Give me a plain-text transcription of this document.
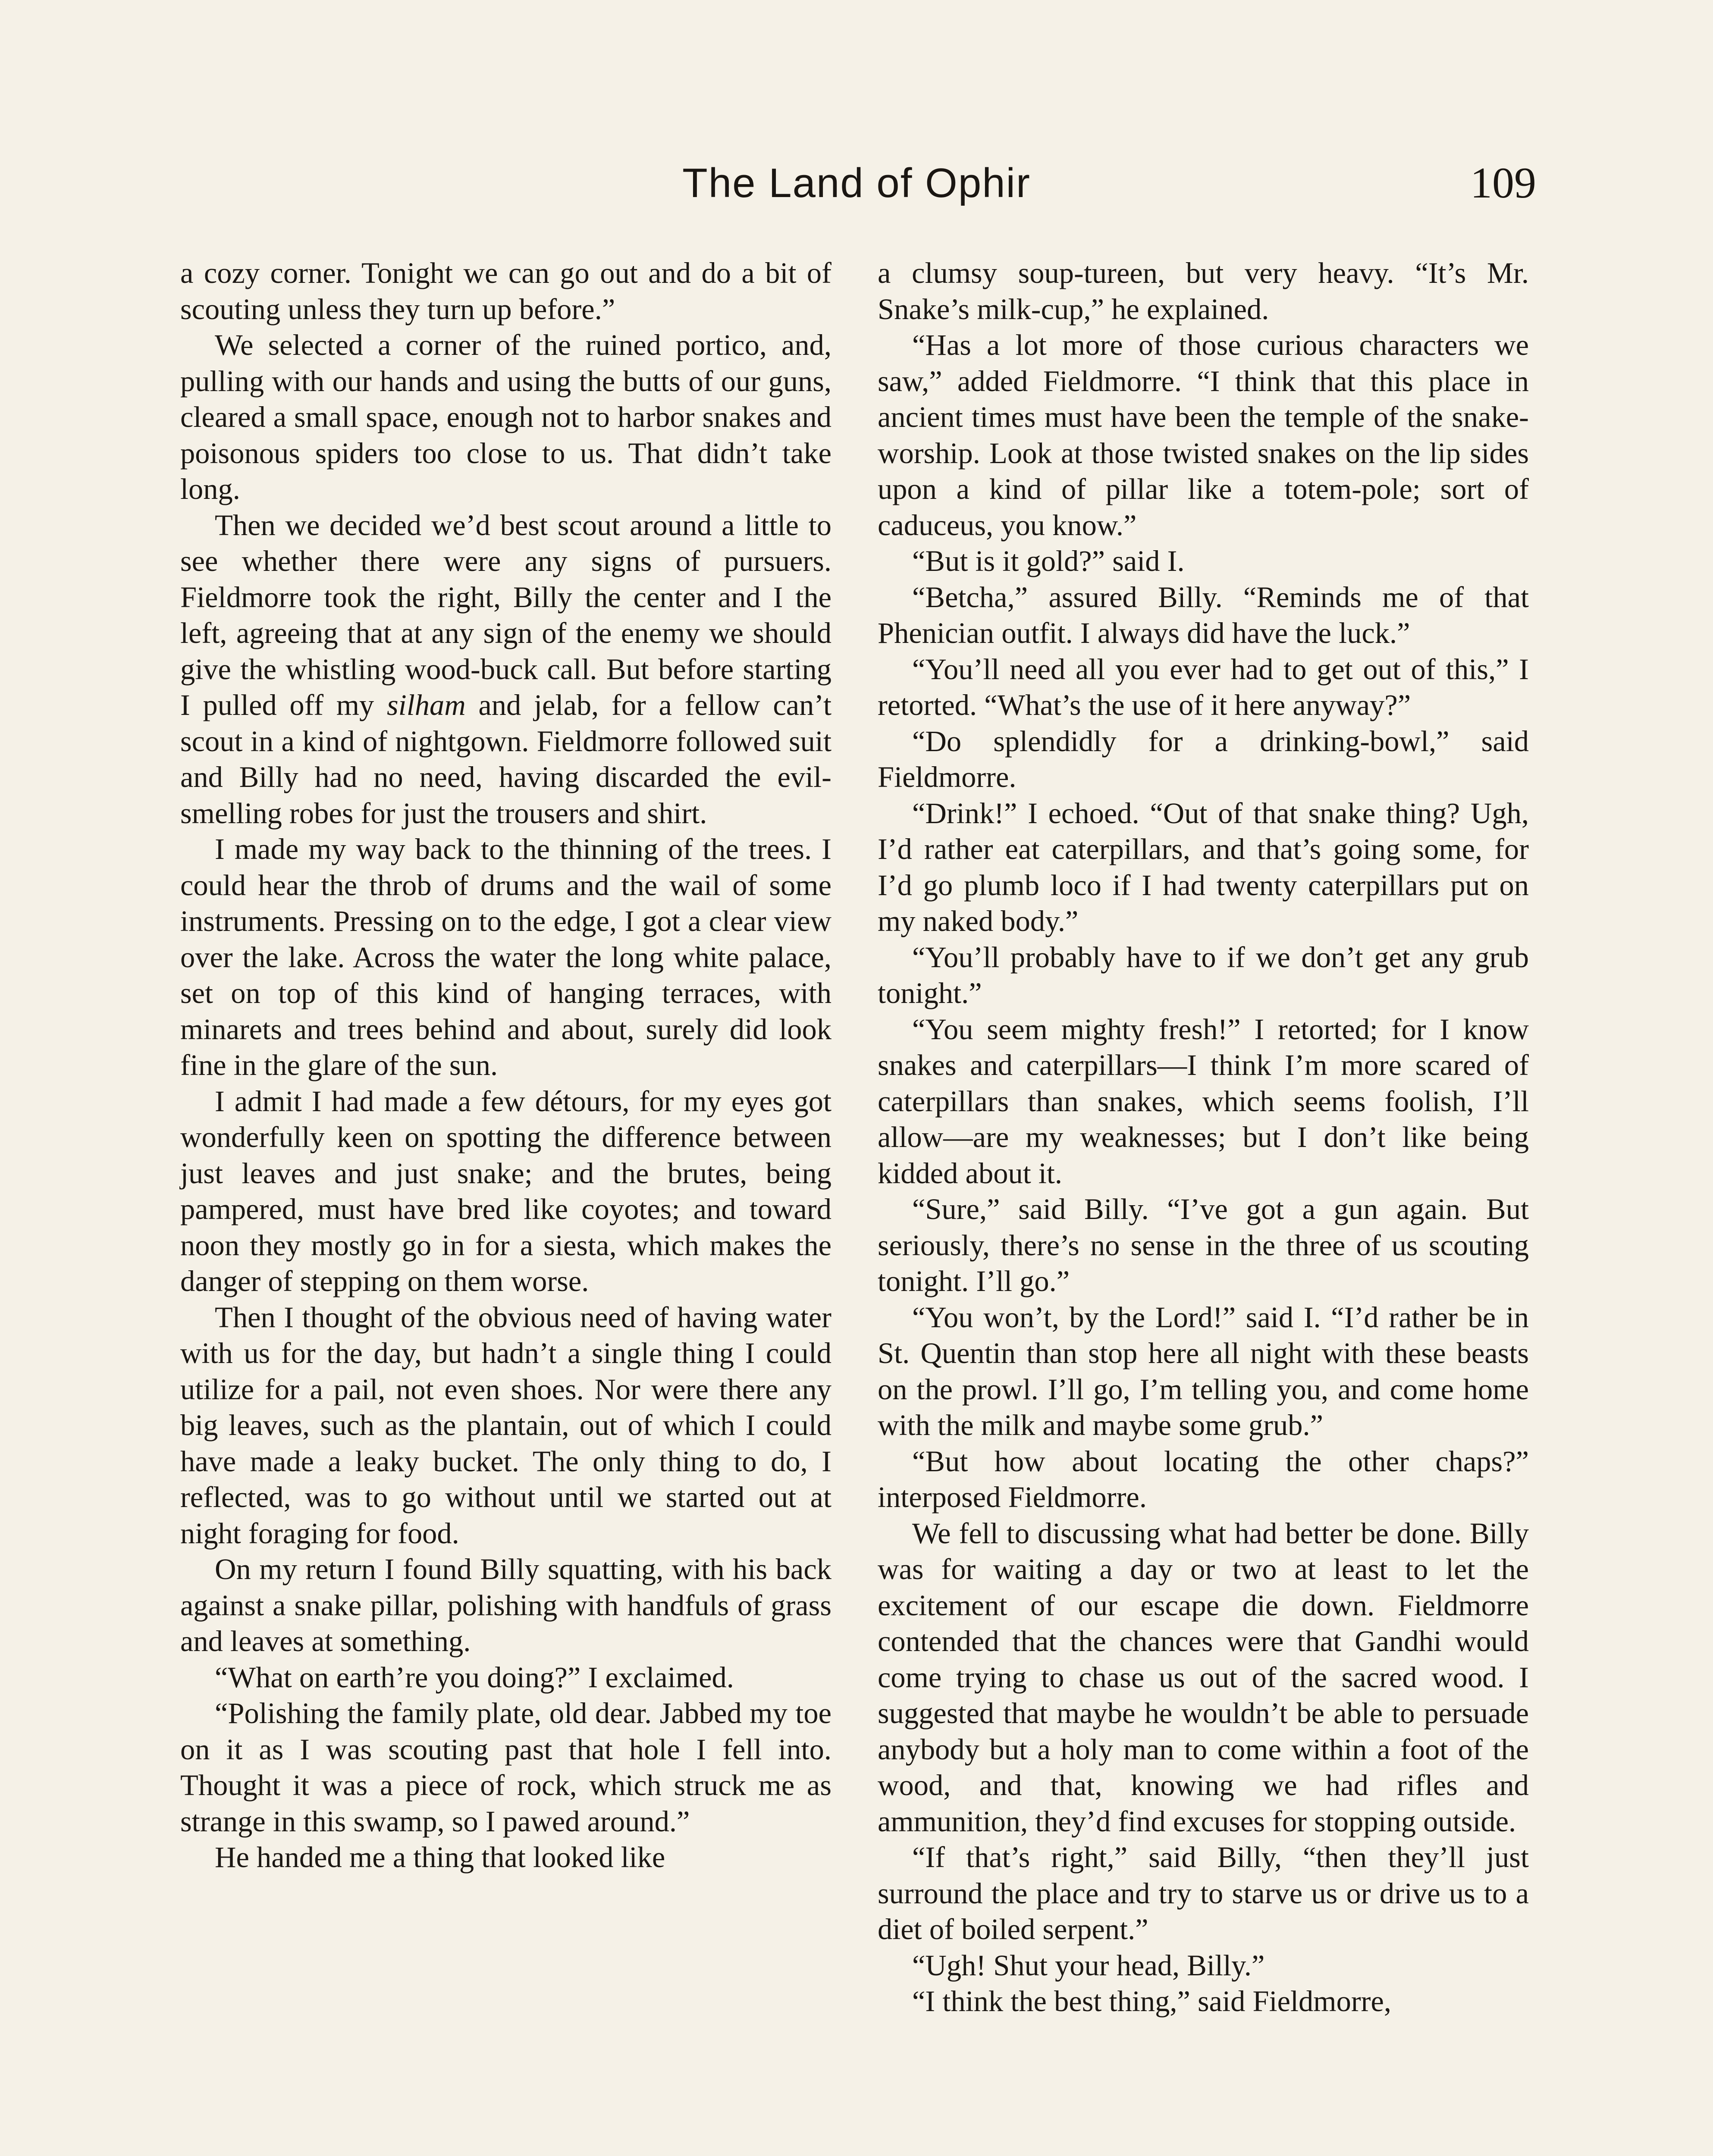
The Land of Ophir	109

a cozy corner. Tonight we can go out and do a bit of scouting unless they turn up before.”

We selected a corner of the ruined portico, and, pulling with our hands and using the butts of our guns, cleared a small space, enough not to harbor snakes and poisonous spiders too close to us. That didn’t take long.

Then we decided we’d best scout around a little to see whether there were any signs of pursuers. Fieldmorre took the right, Billy the center and I the left, agreeing that at any sign of the enemy we should give the whistling wood-buck call. But before starting I pulled off my silham and jelab, for a fellow can’t scout in a kind of nightgown. Fieldmorre followed suit and Billy had no need, having discarded the evil-smelling robes for just the trousers and shirt.

I made my way back to the thinning of the trees. I could hear the throb of drums and the wail of some instruments. Pressing on to the edge, I got a clear view over the lake. Across the water the long white palace, set on top of this kind of hanging terraces, with minarets and trees behind and about, surely did look fine in the glare of the sun.

I admit I had made a few détours, for my eyes got wonderfully keen on spotting the difference between just leaves and just snake; and the brutes, being pampered, must have bred like coyotes; and toward noon they mostly go in for a siesta, which makes the danger of stepping on them worse.

Then I thought of the obvious need of having water with us for the day, but hadn’t a single thing I could utilize for a pail, not even shoes. Nor were there any big leaves, such as the plantain, out of which I could have made a leaky bucket. The only thing to do, I reflected, was to go without until we started out at night foraging for food.

On my return I found Billy squatting, with his back against a snake pillar, polishing with handfuls of grass and leaves at something.

“What on earth’re you doing?” I exclaimed.

“Polishing the family plate, old dear. Jabbed my toe on it as I was scouting past that hole I fell into. Thought it was a piece of rock, which struck me as strange in this swamp, so I pawed around.”

He handed me a thing that looked like

a clumsy soup-tureen, but very heavy. “It’s Mr. Snake’s milk-cup,” he explained.

“Has a lot more of those curious characters we saw,” added Fieldmorre. “I think that this place in ancient times must have been the temple of the snake-worship. Look at those twisted snakes on the lip sides upon a kind of pillar like a totem-pole; sort of caduceus, you know.”

“But is it gold?” said I.

“Betcha,” assured Billy. “Reminds me of that Phenician outfit. I always did have the luck.”

“You’ll need all you ever had to get out of this,” I retorted. “What’s the use of it here anyway?”

“Do splendidly for a drinking-bowl,” said Fieldmorre.

“Drink!” I echoed. “Out of that snake thing? Ugh, I’d rather eat caterpillars, and that’s going some, for I’d go plumb loco if I had twenty caterpillars put on my naked body.”

“You’ll probably have to if we don’t get any grub tonight.”

“You seem mighty fresh!” I retorted; for I know snakes and caterpillars—I think I’m more scared of caterpillars than snakes, which seems foolish, I’ll allow—are my weaknesses; but I don’t like being kidded about it.

“Sure,” said Billy. “I’ve got a gun again. But seriously, there’s no sense in the three of us scouting tonight. I’ll go.”

“You won’t, by the Lord!” said I. “I’d rather be in St. Quentin than stop here all night with these beasts on the prowl. I’ll go, I’m telling you, and come home with the milk and maybe some grub.”

“But how about locating the other chaps?” interposed Fieldmorre.

We fell to discussing what had better be done. Billy was for waiting a day or two at least to let the excitement of our escape die down. Fieldmorre contended that the chances were that Gandhi would come trying to chase us out of the sacred wood. I suggested that maybe he wouldn’t be able to persuade anybody but a holy man to come within a foot of the wood, and that, knowing we had rifles and ammunition, they’d find excuses for stopping outside.

“If that’s right,” said Billy, “then they’ll just surround the place and try to starve us or drive us to a diet of boiled serpent.”

“Ugh! Shut your head, Billy.”

“I think the best thing,” said Fieldmorre,
